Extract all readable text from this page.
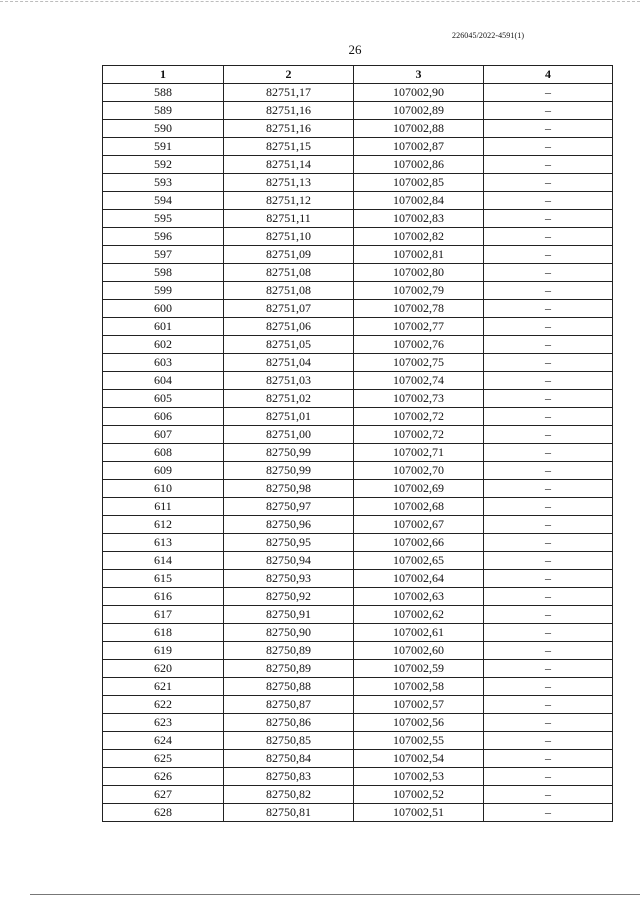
226045/2022-4591(1)
26
1	2	3	4
588	82751,17	107002,90	–
589	82751,16	107002,89	–
590	82751,16	107002,88	–
591	82751,15	107002,87	–
592	82751,14	107002,86	–
593	82751,13	107002,85	–
594	82751,12	107002,84	–
595	82751,11	107002,83	–
596	82751,10	107002,82	–
597	82751,09	107002,81	–
598	82751,08	107002,80	–
599	82751,08	107002,79	–
600	82751,07	107002,78	–
601	82751,06	107002,77	–
602	82751,05	107002,76	–
603	82751,04	107002,75	–
604	82751,03	107002,74	–
605	82751,02	107002,73	–
606	82751,01	107002,72	–
607	82751,00	107002,72	–
608	82750,99	107002,71	–
609	82750,99	107002,70	–
610	82750,98	107002,69	–
611	82750,97	107002,68	–
612	82750,96	107002,67	–
613	82750,95	107002,66	–
614	82750,94	107002,65	–
615	82750,93	107002,64	–
616	82750,92	107002,63	–
617	82750,91	107002,62	–
618	82750,90	107002,61	–
619	82750,89	107002,60	–
620	82750,89	107002,59	–
621	82750,88	107002,58	–
622	82750,87	107002,57	–
623	82750,86	107002,56	–
624	82750,85	107002,55	–
625	82750,84	107002,54	–
626	82750,83	107002,53	–
627	82750,82	107002,52	–
628	82750,81	107002,51	–
